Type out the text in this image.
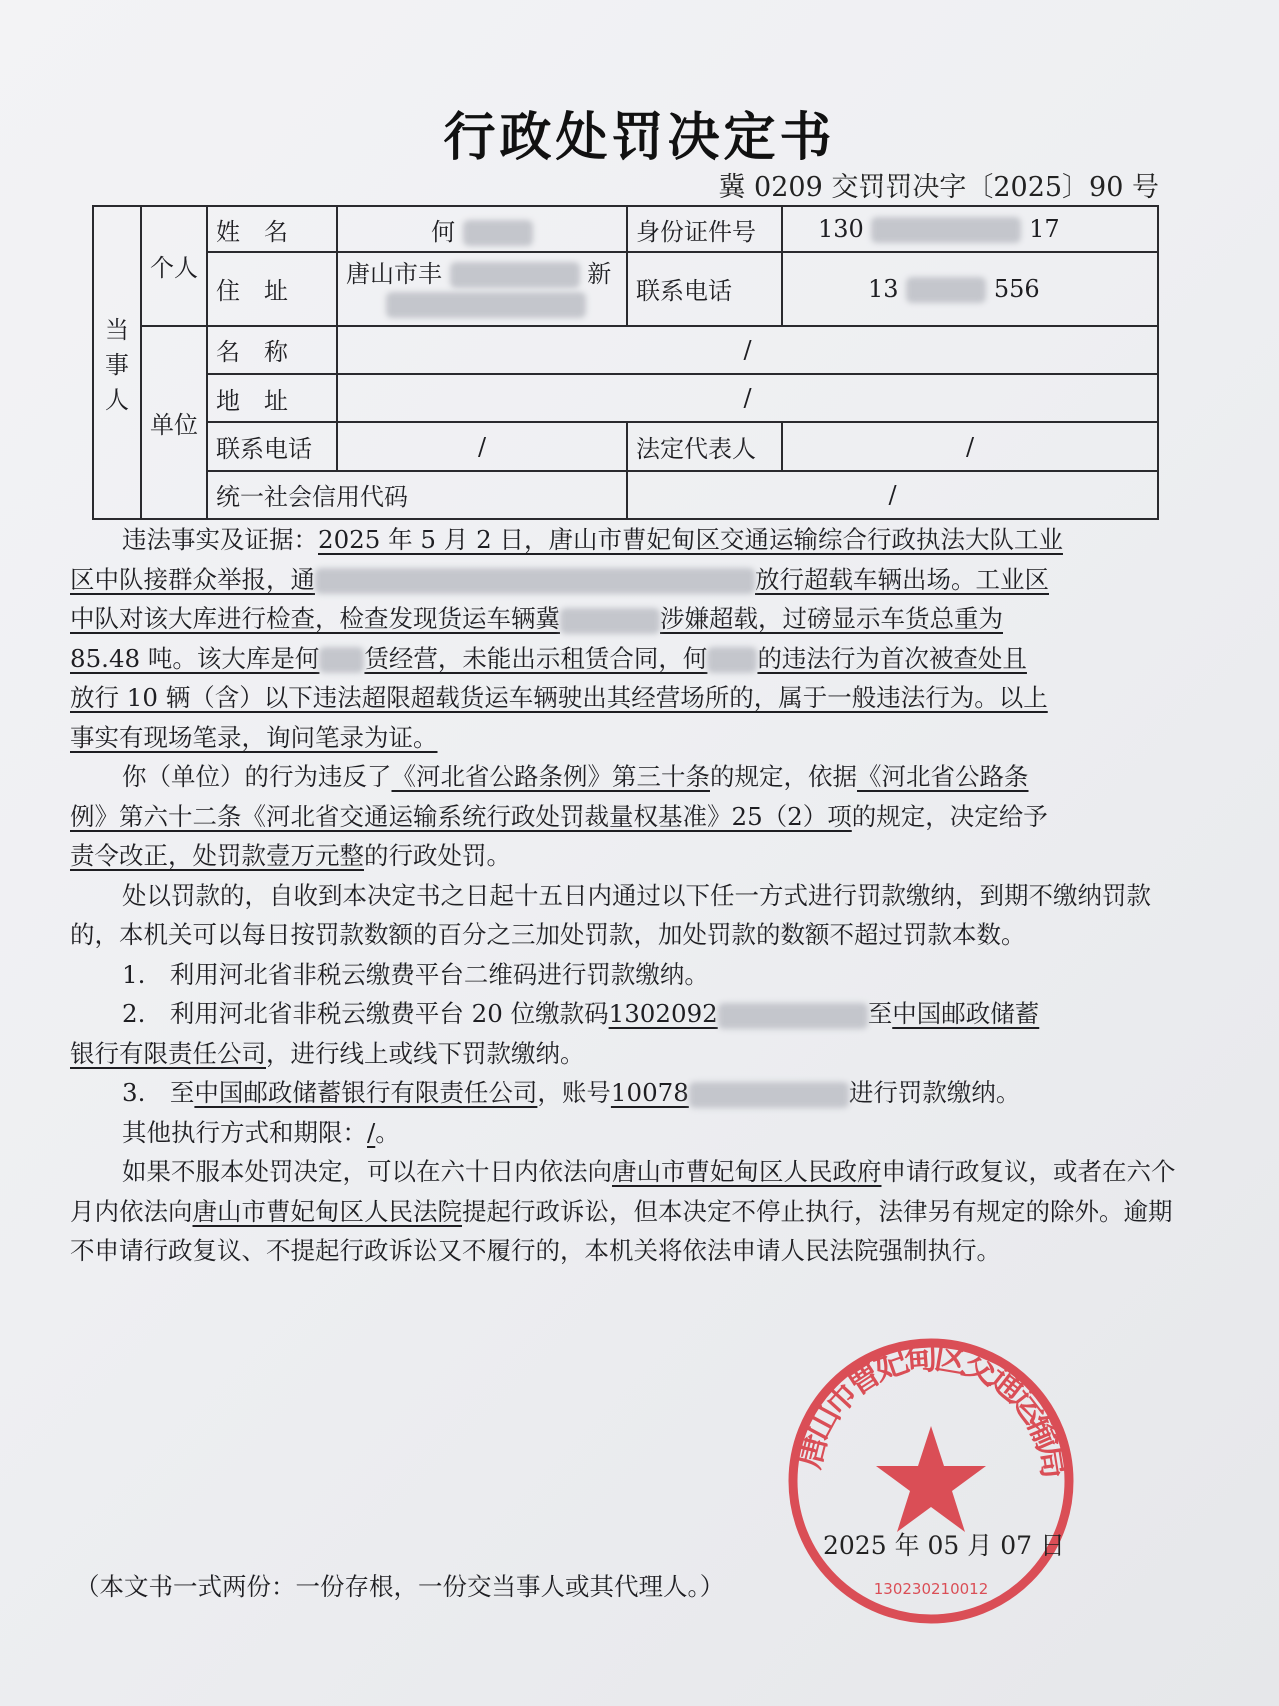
行政处罚决定书
冀 0209 交罚罚决字〔2025〕90 号
当事人	个人	姓　名	何	身份证件号	130 17
		住　址	唐山市丰 新	联系电话	13 556
	单位	名　称	/		
		地　址	/		
		联系电话	/	法定代表人	/
		统一社会信用代码		/	

违法事实及证据：2025 年 5 月 2 日，唐山市曹妃甸区交通运输综合行政执法大队工业
区中队接群众举报，通	放行超载车辆出场。工业区
中队对该大库进行检查，检查发现货运车辆冀	涉嫌超载，过磅显示车货总重为
85.48 吨。该大库是何 赁经营，未能出示租赁合同，何 的违法行为首次被查处且
放行 10 辆（含）以下违法超限超载货运车辆驶出其经营场所的，属于一般违法行为。以上
事实有现场笔录，询问笔录为证。

你（单位）的行为违反了《河北省公路条例》第三十条的规定，依据《河北省公路条
例》第六十二条《河北省交通运输系统行政处罚裁量权基准》25（2）项的规定，决定给予
责令改正，处罚款壹万元整的行政处罚。

处以罚款的，自收到本决定书之日起十五日内通过以下任一方式进行罚款缴纳，到期不缴纳罚款的，本机关可以每日按罚款数额的百分之三加处罚款，加处罚款的数额不超过罚款本数。

1.　利用河北省非税云缴费平台二维码进行罚款缴纳。

2.　利用河北省非税云缴费平台 20 位缴款码1302092	至中国邮政储蓄

银行有限责任公司，进行线上或线下罚款缴纳。

3.　至中国邮政储蓄银行有限责任公司，账号10078	进行罚款缴纳。

其他执行方式和期限：/。

如果不服本处罚决定，可以在六十日内依法向唐山市曹妃甸区人民政府申请行政复议，或者在六个月内依法向唐山市曹妃甸区人民法院提起行政诉讼，但本决定不停止执行，法律另有规定的除外。逾期不申请行政复议、不提起行政诉讼又不履行的，本机关将依法申请人民法院强制执行。

唐山市曹妃甸区交通运输局
130230210012
2025 年 05 月 07 日
（本文书一式两份：一份存根，一份交当事人或其代理人。）
